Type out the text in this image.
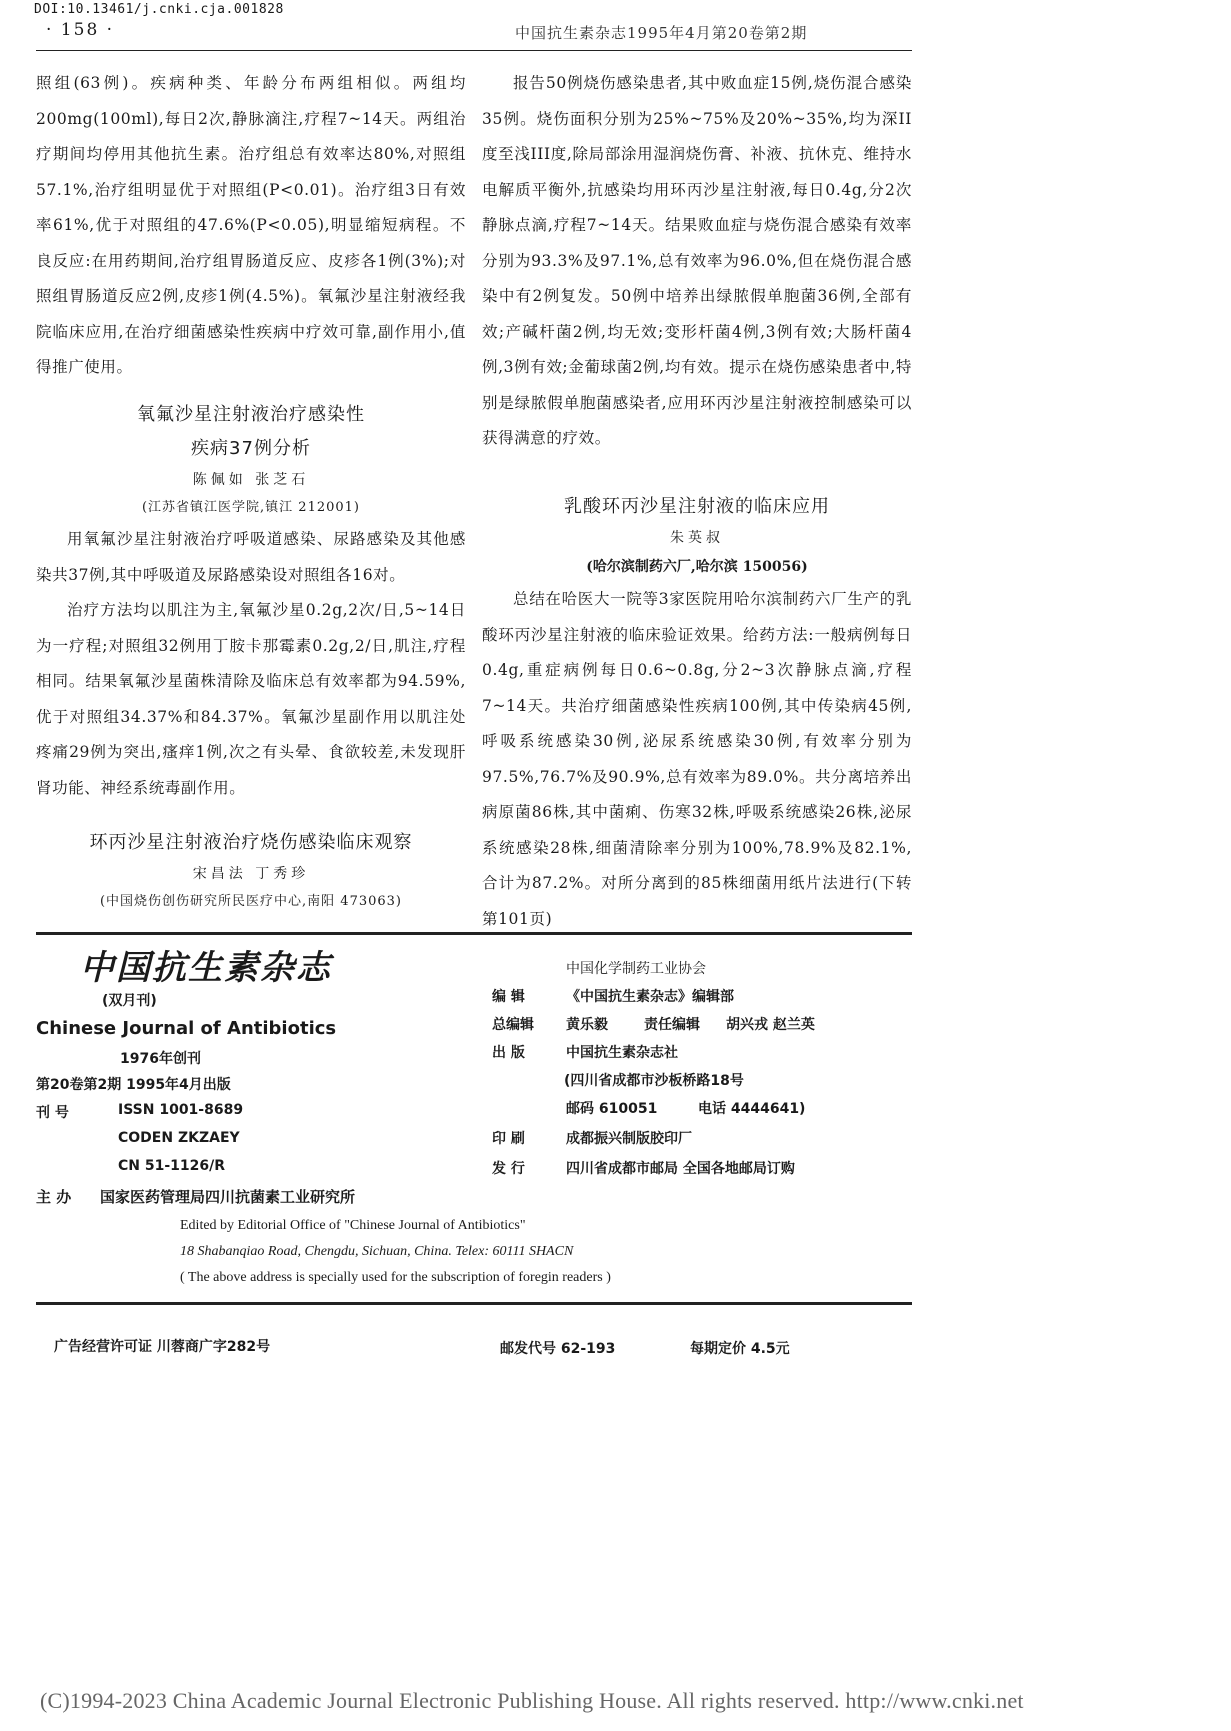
DOI:10.13461/j.cnki.cja.001828
· 158 ·	中国抗生素杂志1995年4月第20卷第2期

照组(63例)。疾病种类、年龄分布两组相似。两组均200mg(100ml),每日2次,静脉滴注,疗程7~14天。两组治疗期间均停用其他抗生素。治疗组总有效率达80%,对照组57.1%,治疗组明显优于对照组(P<0.01)。治疗组3日有效率61%,优于对照组的47.6%(P<0.05),明显缩短病程。不良反应:在用药期间,治疗组胃肠道反应、皮疹各1例(3%);对照组胃肠道反应2例,皮疹1例(4.5%)。氧氟沙星注射液经我院临床应用,在治疗细菌感染性疾病中疗效可靠,副作用小,值得推广使用。

氧氟沙星注射液治疗感染性
疾病37例分析
陈佩如 张芝石
(江苏省镇江医学院,镇江 212001)

用氧氟沙星注射液治疗呼吸道感染、尿路感染及其他感染共37例,其中呼吸道及尿路感染设对照组各16对。

治疗方法均以肌注为主,氧氟沙星0.2g,2次/日,5~14日为一疗程;对照组32例用丁胺卡那霉素0.2g,2/日,肌注,疗程相同。结果氧氟沙星菌株清除及临床总有效率都为94.59%,优于对照组34.37%和84.37%。氧氟沙星副作用以肌注处疼痛29例为突出,瘙痒1例,次之有头晕、食欲较差,未发现肝肾功能、神经系统毒副作用。

环丙沙星注射液治疗烧伤感染临床观察
宋昌法 丁秀珍
(中国烧伤创伤研究所民医疗中心,南阳 473063)

报告50例烧伤感染患者,其中败血症15例,烧伤混合感染35例。烧伤面积分别为25%~75%及20%~35%,均为深II度至浅III度,除局部涂用湿润烧伤膏、补液、抗休克、维持水电解质平衡外,抗感染均用环丙沙星注射液,每日0.4g,分2次静脉点滴,疗程7~14天。结果败血症与烧伤混合感染有效率分别为93.3%及97.1%,总有效率为96.0%,但在烧伤混合感染中有2例复发。50例中培养出绿脓假单胞菌36例,全部有效;产碱杆菌2例,均无效;变形杆菌4例,3例有效;大肠杆菌4例,3例有效;金葡球菌2例,均有效。提示在烧伤感染患者中,特别是绿脓假单胞菌感染者,应用环丙沙星注射液控制感染可以获得满意的疗效。

乳酸环丙沙星注射液的临床应用
朱英叔
(哈尔滨制药六厂,哈尔滨 150056)

总结在哈医大一院等3家医院用哈尔滨制药六厂生产的乳酸环丙沙星注射液的临床验证效果。给药方法:一般病例每日0.4g,重症病例每日0.6~0.8g,分2~3次静脉点滴,疗程7~14天。共治疗细菌感染性疾病100例,其中传染病45例,呼吸系统感染30例,泌尿系统感染30例,有效率分别为97.5%,76.7%及90.9%,总有效率为89.0%。共分离培养出病原菌86株,其中菌痢、伤寒32株,呼吸系统感染26株,泌尿系统感染28株,细菌清除率分别为100%,78.9%及82.1%,合计为87.2%。对所分离到的85株细菌用纸片法进行(下转第101页)

中国抗生素杂志
(双月刊)
Chinese Journal of Antibiotics
1976年创刊
第20卷第2期 1995年4月出版
刊 号	ISSN 1001-8689
CODEN ZKZAEY
CN 51-1126/R
主 办 国家医药管理局四川抗菌素工业研究所
中国化学制药工业协会
编 辑	《中国抗生素杂志》编辑部
总编辑 黄乐毅	责任编辑 胡兴戎 赵兰英
出 版	中国抗生素杂志社
(四川省成都市沙板桥路18号
邮码 610051	电话 4444641)
印 刷	成都振兴制版胶印厂
发 行	四川省成都市邮局 全国各地邮局订购
Edited by Editorial Office of "Chinese Journal of Antibiotics"
18 Shabanqiao Road, Chengdu, Sichuan, China. Telex: 60111 SHACN
( The above address is specially used for the subscription of foregin readers )
广告经营许可证 川蓉商广字282号	邮发代号 62-193	每期定价 4.5元
(C)1994-2023 China Academic Journal Electronic Publishing House. All rights reserved. http://www.cnki.net
